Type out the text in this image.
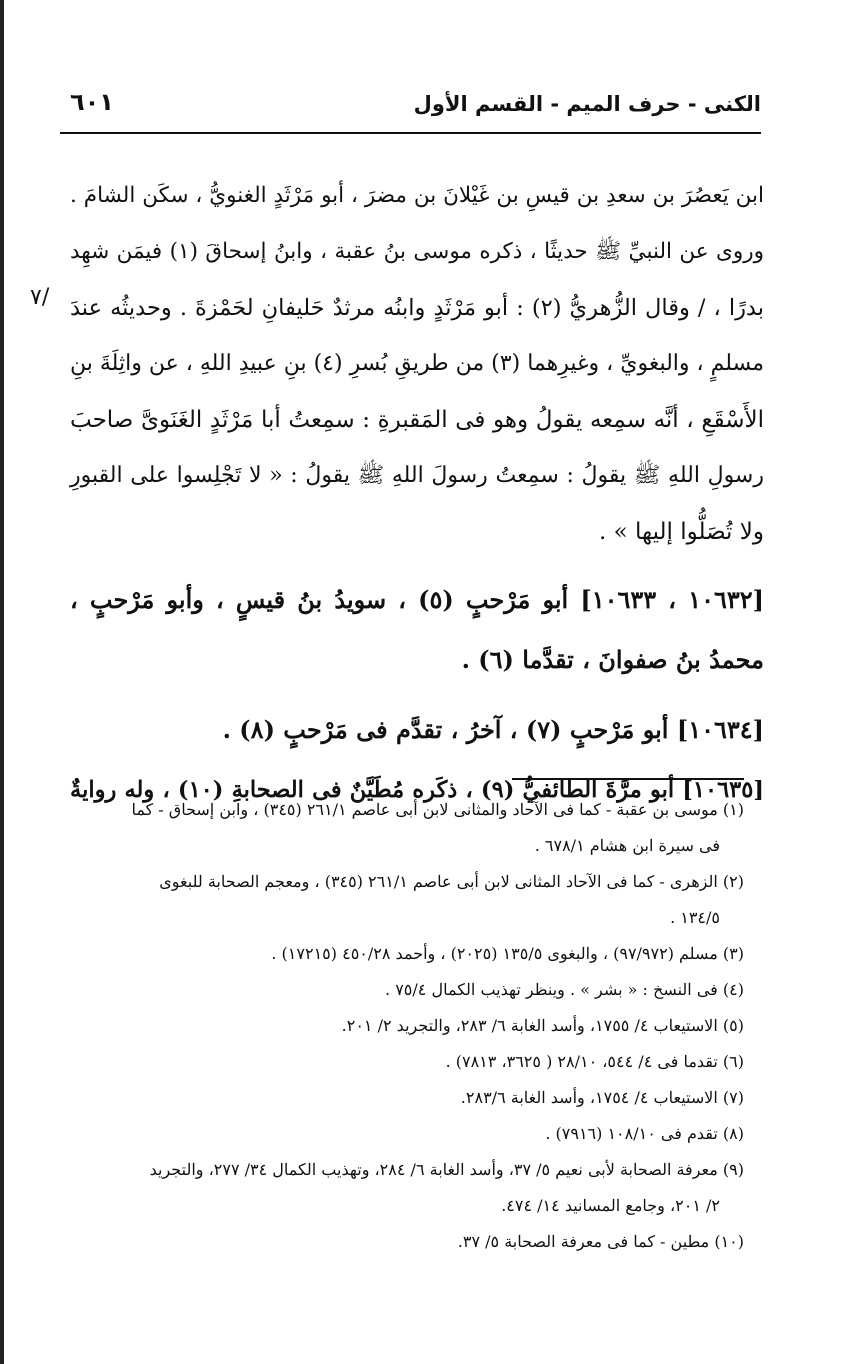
الكنى - حرف الميم - القسم الأول
٦٠١
٧/
ابن يَعصُرَ بن سعدِ بن قيسِ بن غَيْلانَ بن مضرَ ، أبو مَرْثَدٍ الغنويُّ ، سكَن الشامَ .
وروى عن النبيِّ ﷺ حديثًا ، ذكره موسى بنُ عقبة ، وابنُ إسحاقَ (١) فيمَن شهِد
بدرًا ، / وقال الزُّهريُّ (٢) : أبو مَرْثَدٍ وابنُه مرثدٌ حَليفانِ لحَمْزةَ . وحديثُه عندَ
مسلمٍ ، والبغويِّ ، وغيرِهما (٣) من طريقِ بُسرِ (٤) بنِ عبيدِ اللهِ ، عن واثِلَةَ بنِ
الأَسْقَعِ ، أنَّه سمِعه يقولُ وهو فى المَقبرةِ : سمِعتُ أبا مَرْثَدٍ الغَنَوىَّ صاحبَ
رسولِ اللهِ ﷺ يقولُ : سمِعتُ رسولَ اللهِ ﷺ يقولُ : « لا تَجْلِسوا على القبورِ
ولا تُصَلُّوا إليها » .
[١٠٦٣٢ ، ١٠٦٣٣] أبو مَرْحبٍ (٥) ، سويدُ بنُ قيسٍ ، وأبو مَرْحبٍ ،
محمدُ بنُ صفوانَ ، تقدَّما (٦) .
[١٠٦٣٤] أبو مَرْحبٍ (٧) ، آخرُ ، تقدَّم فى مَرْحبٍ (٨) .
[١٠٦٣٥] أبو مرَّةَ الطائفيُّ (٩) ، ذكَره مُطَيَّنٌ فى الصحابةِ (١٠) ، وله روايةٌ
(١) موسى بن عقبة - كما فى الآحاد والمثانى لابن أبى عاصم ٢٦١/١ (٣٤٥) ، وابن إسحاق - كما
فى سيرة ابن هشام ٦٧٨/١ .
(٢) الزهرى - كما فى الآحاد المثانى لابن أبى عاصم ٢٦١/١ (٣٤٥) ، ومعجم الصحابة للبغوى
١٣٤/٥ .
(٣) مسلم (٩٧/٩٧٢) ، والبغوى ١٣٥/٥ (٢٠٢٥) ، وأحمد ٤٥٠/٢٨ (١٧٢١٥) .
(٤) فى النسخ : « بشر » . وينظر تهذيب الكمال ٧٥/٤ .
(٥) الاستيعاب ٤/ ١٧٥٥، وأسد الغابة ٦/ ٢٨٣، والتجريد ٢/ ٢٠١.
(٦) تقدما فى ٤/ ٥٤٤، ٢٨/١٠ ( ٣٦٢٥، ٧٨١٣) .
(٧) الاستيعاب ٤/ ١٧٥٤، وأسد الغابة ٢٨٣/٦.
(٨) تقدم فى ١٠٨/١٠ (٧٩١٦) .
(٩) معرفة الصحابة لأبى نعيم ٥/ ٣٧، وأسد الغابة ٦/ ٢٨٤، وتهذيب الكمال ٣٤/ ٢٧٧، والتجريد
٢/ ٢٠١، وجامع المسانيد ١٤/ ٤٧٤.
(١٠) مطين - كما فى معرفة الصحابة ٥/ ٣٧.
